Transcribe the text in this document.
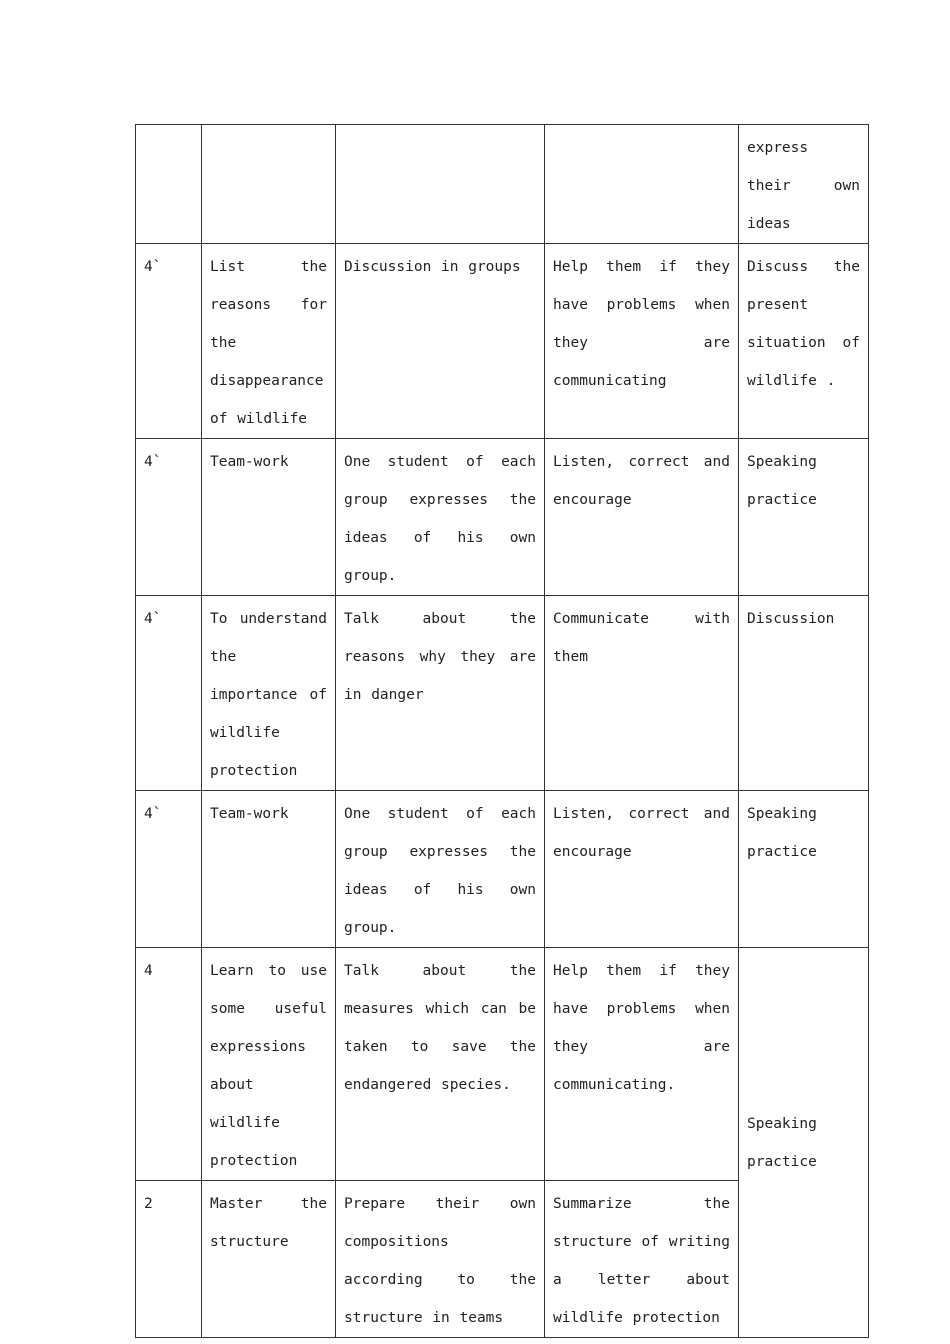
				express their own ideas
4`	List the reasons for the disappearance of wildlife	Discussion in groups	Help them if they have problems when they are communicating	Discuss the present situation of wildlife .
4`	Team-work	One student of each group expresses the ideas of his own group.	Listen, correct and encourage	Speaking practice
4`	To understand the importance of wildlife protection	Talk about the reasons why they are in danger	Communicate with them	Discussion
4`	Team-work	One student of each group expresses the ideas of his own group.	Listen, correct and encourage	Speaking practice
4	Learn to use some useful expressions about wildlife protection	Talk about the measures which can be taken to save the endangered species.	Help them if they have problems when they are communicating.	Speaking practice
2	Master the structure	Prepare their own compositions according to the structure in teams	Summarize the structure of writing a letter about wildlife protection	
